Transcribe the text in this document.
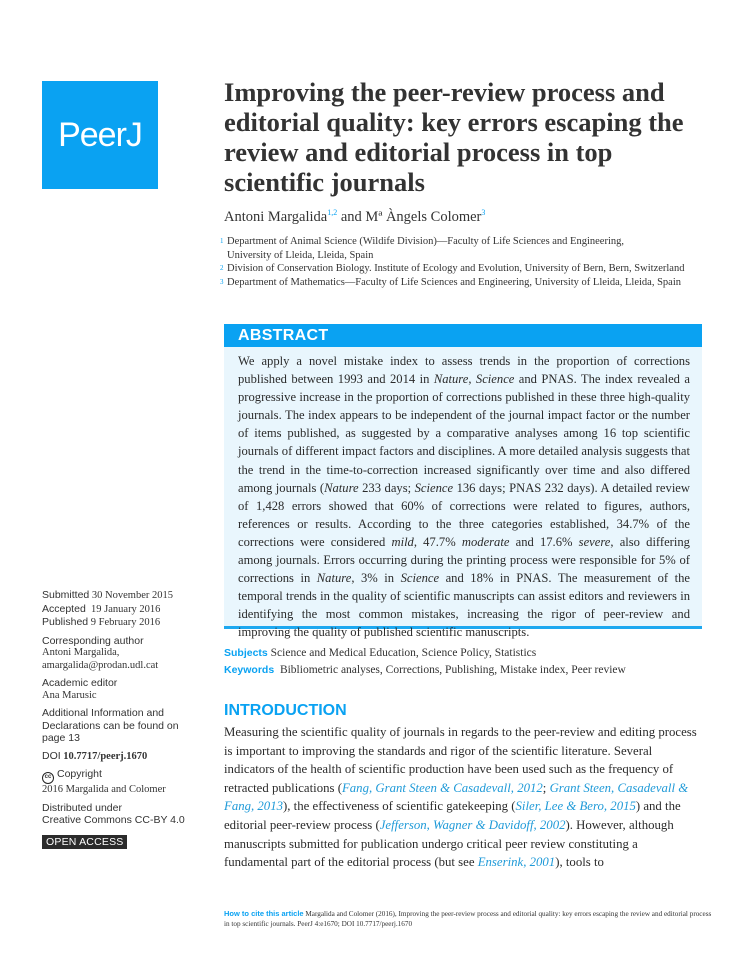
PeerJ
Improving the peer-review process and editorial quality: key errors escaping the review and editorial process in top scientific journals
Antoni Margalida$^{1,2}$ and Mª Àngels Colomer$^3$
1 Department of Animal Science (Wildife Division)—Faculty of Life Sciences and Engineering,
University of Lleida, Lleida, Spain
2 Division of Conservation Biology. Institute of Ecology and Evolution, University of Bern, Bern, Switzerland
3 Department of Mathematics—Faculty of Life Sciences and Engineering, University of Lleida, Lleida, Spain
ABSTRACT

We apply a novel mistake index to assess trends in the proportion of corrections published between 1993 and 2014 in Nature, Science and PNAS. The index revealed a progressive increase in the proportion of corrections published in these three high-quality journals. The index appears to be independent of the journal impact factor or the number of items published, as suggested by a comparative analyses among 16 top scientific journals of different impact factors and disciplines. A more detailed analysis suggests that the trend in the time-to-correction increased significantly over time and also differed among journals (Nature 233 days; Science 136 days; PNAS 232 days). A detailed review of 1,428 errors showed that 60% of corrections were related to figures, authors, references or results. According to the three categories established, 34.7% of the corrections were considered mild, 47.7% moderate and 17.6% severe, also differing among journals. Errors occurring during the printing process were responsible for 5% of corrections in Nature, 3% in Science and 18% in PNAS. The measurement of the temporal trends in the quality of scientific manuscripts can assist editors and reviewers in identifying the most common mistakes, increasing the rigor of peer-review and improving the quality of published scientific manuscripts.

Subjects Science and Medical Education, Science Policy, Statistics
Keywords Bibliometric analyses, Corrections, Publishing, Mistake index, Peer review
INTRODUCTION

Measuring the scientific quality of journals in regards to the peer-review and editing process is important to improving the standards and rigor of the scientific literature. Several indicators of the health of scientific production have been used such as the frequency of retracted publications (Fang, Grant Steen & Casadevall, 2012; Grant Steen, Casadevall & Fang, 2013), the effectiveness of scientific gatekeeping (Siler, Lee & Bero, 2015) and the editorial peer-review process (Jefferson, Wagner & Davidoff, 2002). However, although manuscripts submitted for publication undergo critical peer review constituting a fundamental part of the editorial process (but see Enserink, 2001), tools to

Submitted 30 November 2015
Accepted 19 January 2016
Published 9 February 2016
Corresponding author
Antoni Margalida,
amargalida@prodan.udl.cat
Academic editor
Ana Marusic
Additional Information and Declarations can be found on page 13
DOI 10.7717/peerj.1670
cc Copyright
2016 Margalida and Colomer
Distributed under
Creative Commons CC-BY 4.0
OPEN ACCESS
How to cite this article Margalida and Colomer (2016), Improving the peer-review process and editorial quality: key errors escaping the review and editorial process in top scientific journals. PeerJ 4:e1670; DOI 10.7717/peerj.1670
